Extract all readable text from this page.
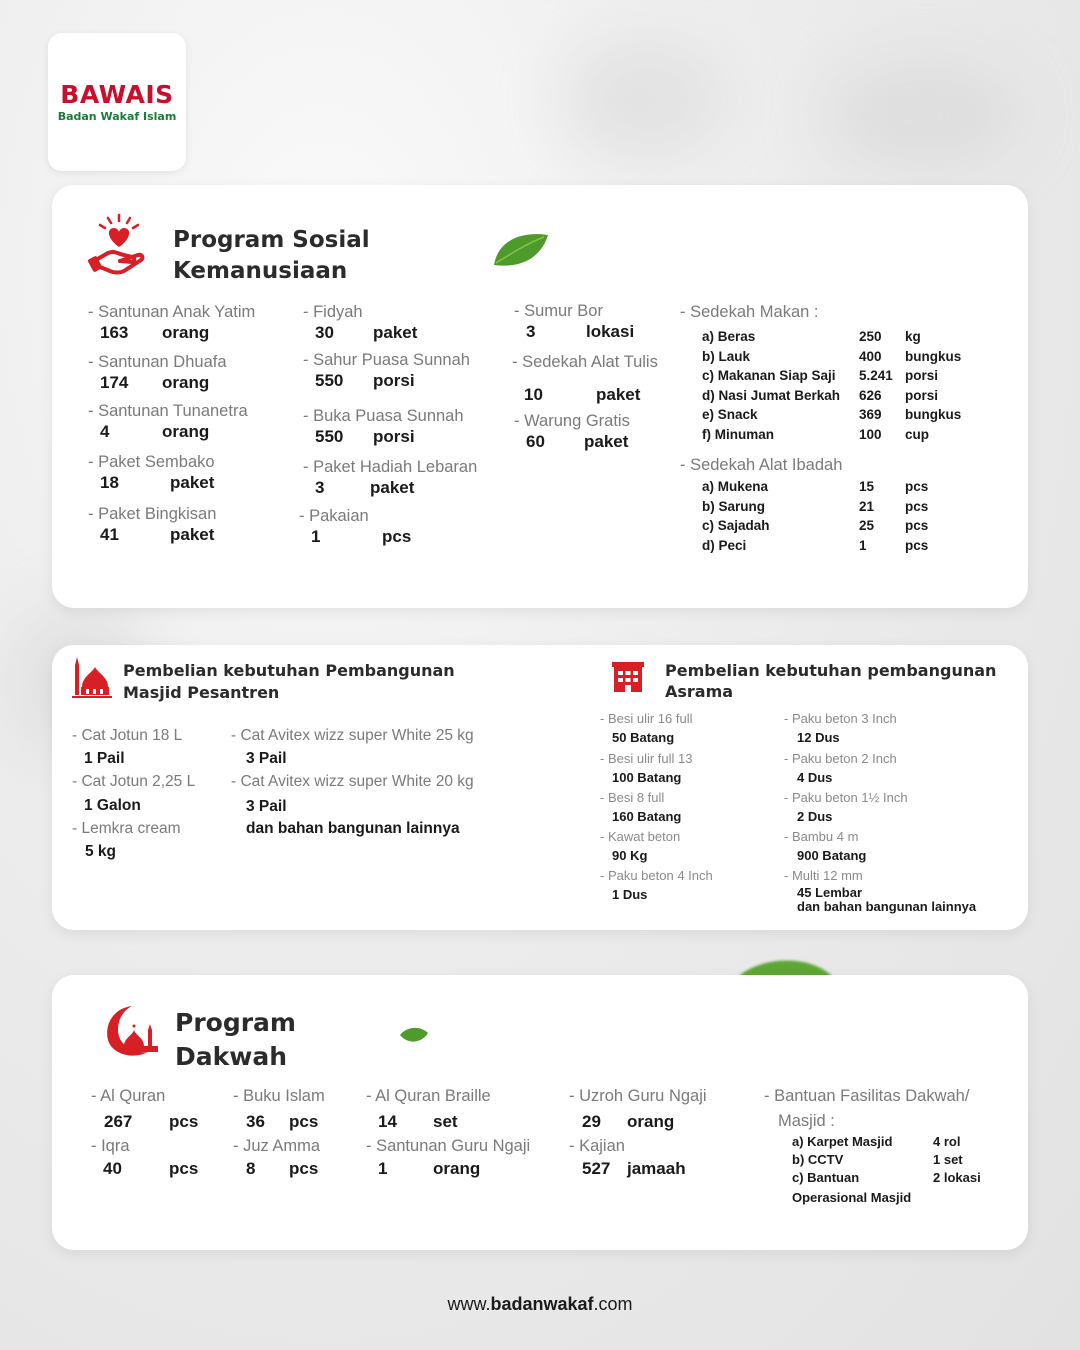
BAWAIS
Badan Wakaf Islam
Program Sosial
Kemanusiaan
- Santunan Anak Yatim
163	orang
- Santunan Dhuafa
174	orang
- Santunan Tunanetra
4	orang
- Paket Sembako
18	paket
- Paket Bingkisan
41	paket
- Fidyah
30	paket
- Sahur Puasa Sunnah
550	porsi
- Buka Puasa Sunnah
550	porsi
- Paket Hadiah Lebaran
3	paket
- Pakaian
1	pcs
- Sumur Bor
3	lokasi
- Sedekah Alat Tulis
10	paket
- Warung Gratis
60	paket
- Sedekah Makan :
a) Beras	250	kg
b) Lauk	400	bungkus
c) Makanan Siap Saji	5.241	porsi
d) Nasi Jumat Berkah	626	porsi
e) Snack	369	bungkus
f) Minuman	100	cup
- Sedekah Alat Ibadah
a) Mukena	15	pcs
b) Sarung	21	pcs
c) Sajadah	25	pcs
d) Peci	1	pcs
Pembelian kebutuhan Pembangunan
Masjid Pesantren
- Cat Jotun 18 L
1 Pail
- Cat Jotun 2,25 L
1 Galon
- Lemkra cream
5 kg
- Cat Avitex wizz super White 25 kg
3 Pail
- Cat Avitex wizz super White 20 kg
3 Pail
dan bahan bangunan lainnya
Pembelian kebutuhan pembangunan
Asrama
- Besi ulir 16 full
50 Batang
- Besi ulir full 13
100 Batang
- Besi 8 full
160 Batang
- Kawat beton
90 Kg
- Paku beton 4 Inch
1 Dus
- Paku beton 3 Inch
12 Dus
- Paku beton 2 Inch
4 Dus
- Paku beton 1½ Inch
2 Dus
- Bambu 4 m
900 Batang
- Multi 12 mm
45 Lembar
dan bahan bangunan lainnya
Program
Dakwah
- Al Quran
267	pcs
- Iqra
40	pcs
- Buku Islam
36	pcs
- Juz Amma
8	pcs
- Al Quran Braille
14	set
- Santunan Guru Ngaji
1	orang
- Uzroh Guru Ngaji
29	orang
- Kajian
527 jamaah
- Bantuan Fasilitas Dakwah/
Masjid :
a) Karpet Masjid	4 rol
b) CCTV	1 set
c) Bantuan	2 lokasi
Operasional Masjid	
www.badanwakaf.com
